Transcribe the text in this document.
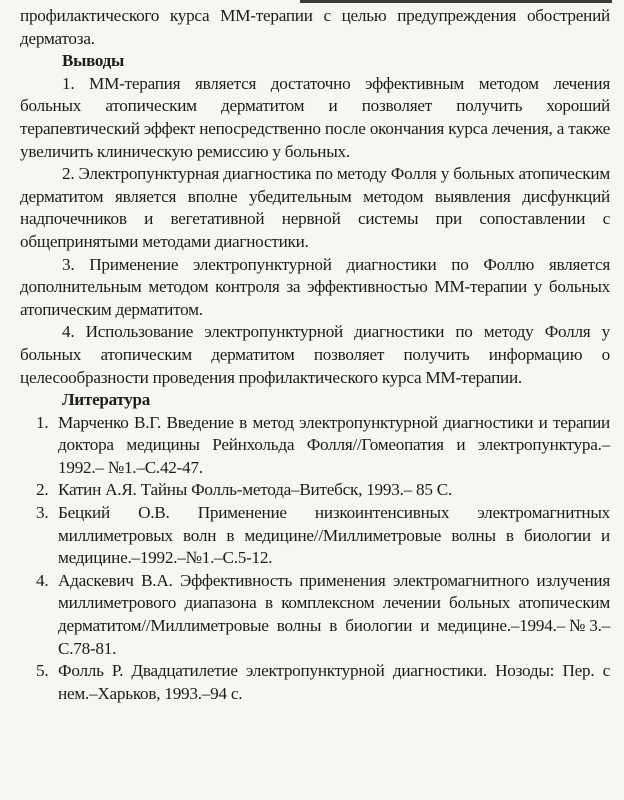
профилактического курса ММ-терапии с целью предупреждения обострений дерматоза.

Выводы

1. ММ-терапия является достаточно эффективным методом лечения больных атопическим дерматитом и позволяет получить хороший терапевтический эффект непосредственно после окончания курса лечения, а также увеличить клиническую ремиссию у больных.

2. Электропунктурная диагностика по методу Фолля у больных атопическим дерматитом является вполне убедительным методом выявления дисфункций надпочечников и вегетативной нервной системы при сопоставлении с общепринятыми методами диагностики.

3. Применение электропунктурной диагностики по Фоллю является дополнительным методом контроля за эффективностью ММ-терапии у больных атопическим дерматитом.

4. Использование электропунктурной диагностики по методу Фолля у больных атопическим дерматитом позволяет получить информацию о целесообразности проведения профилактического курса ММ-терапии.

Литература
1. Марченко В.Г. Введение в метод электропунктурной диагностики и терапии доктора медицины Рейнхольда Фолля//Гомеопатия и электропунктура.– 1992.– №1.–С.42-47.
2. Катин А.Я. Тайны Фолль-метода–Витебск, 1993.– 85 С.
3. Бецкий О.В. Применение низкоинтенсивных электромагнитных миллиметровых волн в медицине//Миллиметровые волны в биологии и медицине.–1992.–№1.–С.5-12.
4. Адаскевич В.А. Эффективность применения электромагнитного излучения миллиметрового диапазона в комплексном лечении больных атопическим дерматитом//Миллиметровые волны в биологии и медицине.–1994.–№3.–С.78-81.
5. Фолль Р. Двадцатилетие электропунктурной диагностики. Нозоды: Пер. с нем.–Харьков, 1993.–94 с.
